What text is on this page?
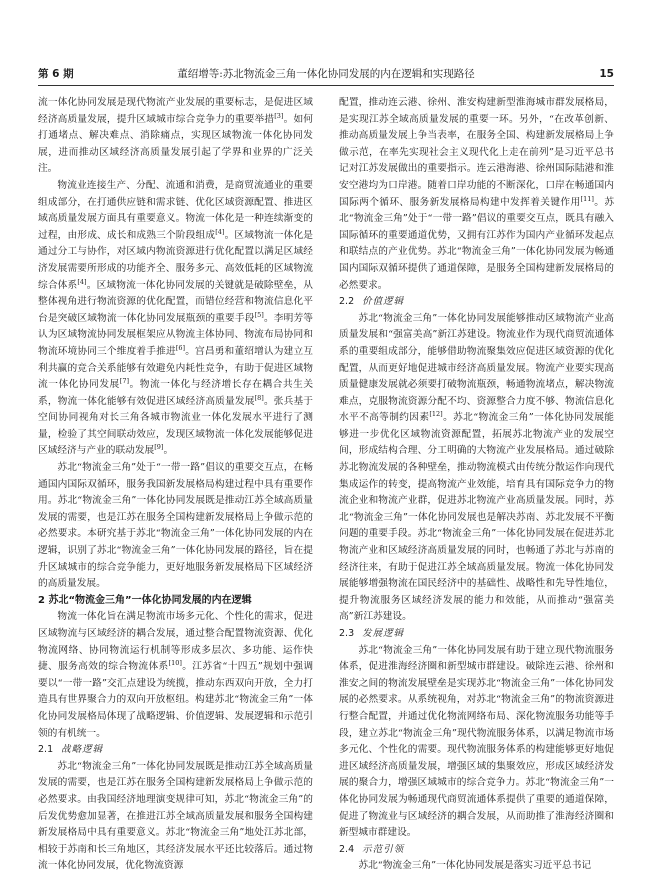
第 6 期	董绍增等:苏北物流金三角一体化协同发展的内在逻辑和实现路径	15

流一体化协同发展是现代物流产业发展的重要标志，是促进区域经济高质量发展，提升区域城市综合竞争力的重要举措[3]。如何打通堵点、解决难点、消除痛点，实现区域物流一体化协同发展，进而推动区域经济高质量发展引起了学界和业界的广泛关注。

物流业连接生产、分配、流通和消费，是商贸流通业的重要组成部分，在打通供应链和需求链、优化区域资源配置、推进区域高质量发展方面具有重要意义。物流一体化是一种连续渐变的过程，由形成、成长和成熟三个阶段组成[4]。区域物流一体化是通过分工与协作，对区域内物流资源进行优化配置以满足区域经济发展需要所形成的功能齐全、服务多元、高效低耗的区域物流综合体系[4]。区域物流一体化协同发展的关键就是破除壁垒，从整体视角进行物流资源的优化配置，而错位经营和物流信息化平台是突破区域物流一体化协同发展瓶颈的重要手段[5]。李明芳等认为区域物流协同发展框架应从物流主体协同、物流布局协同和物流环境协同三个维度着手推进[6]。宫昌勇和董绍增认为建立互利共赢的竞合关系能够有效避免内耗性竞争，有助于促进区域物流一体化协同发展[7]。物流一体化与经济增长存在耦合共生关系，物流一体化能够有效促进区域经济高质量发展[8]。张兵基于空间协同视角对长三角各城市物流业一体化发展水平进行了测量，检验了其空间联动效应，发现区域物流一体化发展能够促进区域经济与产业的联动发展[9]。

苏北“物流金三角”处于“一带一路”倡议的重要交互点，在畅通国内国际双循环，服务我国新发展格局构建过程中具有重要作用。苏北“物流金三角”一体化协同发展既是推动江苏全域高质量发展的需要，也是江苏在服务全国构建新发展格局上争做示范的必然要求。本研究基于苏北“物流金三角”一体化协同发展的内在逻辑，识别了苏北“物流金三角”一体化协同发展的路径，旨在提升区域城市的综合竞争能力，更好地服务新发展格局下区域经济的高质量发展。

2 苏北“物流金三角”一体化协同发展的内在逻辑

物流一体化旨在满足物流市场多元化、个性化的需求，促进区域物流与区域经济的耦合发展，通过整合配置物流资源、优化物流网络、协同物流运行机制等形成多层次、多功能、运作快捷、服务高效的综合物流体系[10]。江苏省“十四五”规划中强调要以“一带一路”交汇点建设为统揽，推动东西双向开放，全力打造具有世界聚合力的双向开放枢纽。构建苏北“物流金三角”一体化协同发展格局体现了战略逻辑、价值逻辑、发展逻辑和示范引领的有机统一。

2.1 战略逻辑

苏北“物流金三角”一体化协同发展既是推动江苏全域高质量发展的需要，也是江苏在服务全国构建新发展格局上争做示范的必然要求。由我国经济地理演变规律可知，苏北“物流金三角”的后发优势愈加显著，在推进江苏全域高质量发展和服务全国构建新发展格局中具有重要意义。苏北“物流金三角”地处江苏北部，相较于苏南和长三角地区，其经济发展水平还比较落后。通过物流一体化协同发展，优化物流资源

配置，推动连云港、徐州、淮安构建新型淮海城市群发展格局，是实现江苏全域高质量发展的重要一环。另外，“在改革创新、推动高质量发展上争当表率，在服务全国、构建新发展格局上争做示范，在率先实现社会主义现代化上走在前列”是习近平总书记对江苏发展做出的重要指示。连云港海港、徐州国际陆港和淮安空港均为口岸港。随着口岸功能的不断深化，口岸在畅通国内国际两个循环、服务新发展格局构建中发挥着关键作用[11]。苏北“物流金三角”处于“一带一路”倡议的重要交互点，既具有融入国际循环的重要通道优势，又拥有江苏作为国内产业循环发起点和联结点的产业优势。苏北“物流金三角”一体化协同发展为畅通国内国际双循环提供了通道保障，是服务全国构建新发展格局的必然要求。

2.2 价值逻辑

苏北“物流金三角”一体化协同发展能够推动区域物流产业高质量发展和“强富美高”新江苏建设。物流业作为现代商贸流通体系的重要组成部分，能够借助物流聚集效应促进区域资源的优化配置，从而更好地促进城市经济高质量发展。物流产业要实现高质量健康发展就必须要打破物流瓶颈，畅通物流堵点，解决物流难点，克服物流资源分配不均、资源整合力度不够、物流信息化水平不高等制约因素[12]。苏北“物流金三角”一体化协同发展能够进一步优化区域物流资源配置，拓展苏北物流产业的发展空间，形成结构合理、分工明确的大物流产业发展格局。通过破除苏北物流发展的各种壁垒，推动物流模式由传统分散运作向现代集成运作的转变，提高物流产业效能，培育具有国际竞争力的物流企业和物流产业群，促进苏北物流产业高质量发展。同时，苏北“物流金三角”一体化协同发展也是解决苏南、苏北发展不平衡问题的重要手段。苏北“物流金三角”一体化协同发展在促进苏北物流产业和区域经济高质量发展的同时，也畅通了苏北与苏南的经济往来，有助于促进江苏全域高质量发展。物流一体化协同发展能够增强物流在国民经济中的基础性、战略性和先导性地位，提升物流服务区域经济发展的能力和效能，从而推动“强富美高”新江苏建设。

2.3 发展逻辑

苏北“物流金三角”一体化协同发展有助于建立现代物流服务体系，促进淮海经济圈和新型城市群建设。破除连云港、徐州和淮安之间的物流发展壁垒是实现苏北“物流金三角”一体化协同发展的必然要求。从系统视角，对苏北“物流金三角”的物流资源进行整合配置，并通过优化物流网络布局、深化物流服务功能等手段，建立苏北“物流金三角”现代物流服务体系，以满足物流市场多元化、个性化的需要。现代物流服务体系的构建能够更好地促进区域经济高质量发展，增强区域的集聚效应，形成区域经济发展的聚合力，增强区域城市的综合竞争力。苏北“物流金三角”一体化协同发展为畅通现代商贸流通体系提供了重要的通道保障，促进了物流业与区域经济的耦合发展，从而助推了淮海经济圈和新型城市群建设。

2.4 示范引领

苏北“物流金三角”一体化协同发展是落实习近平总书记
